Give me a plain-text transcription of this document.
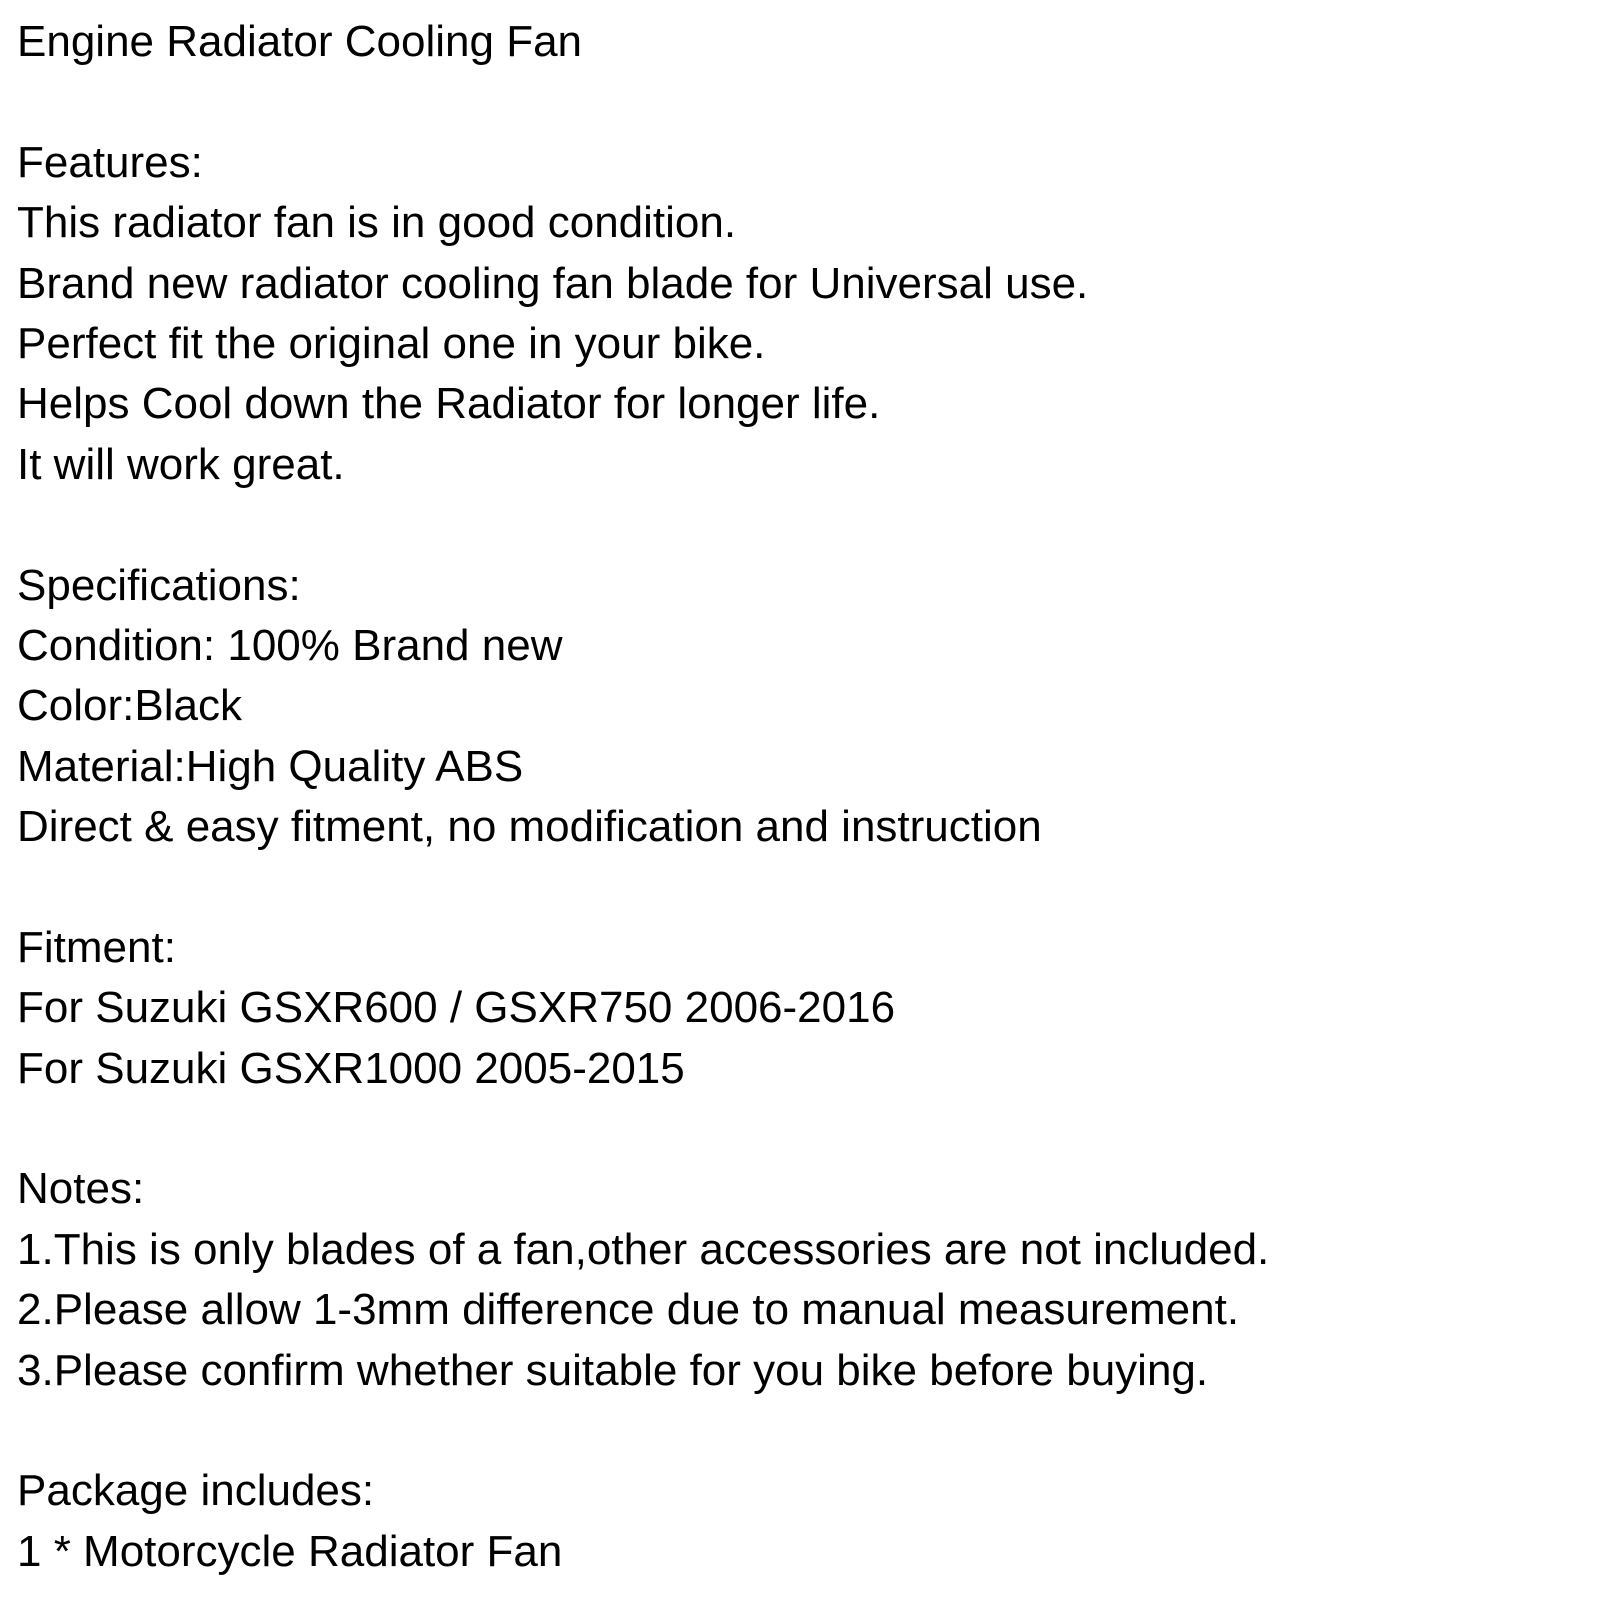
Engine Radiator Cooling Fan
Features:
This radiator fan is in good condition.
Brand new radiator cooling fan blade for Universal use.
Perfect fit the original one in your bike.
Helps Cool down the Radiator for longer life.
It will work great.
Specifications:
Condition: 100% Brand new
Color:Black
Material:High Quality ABS
Direct & easy fitment, no modification and instruction
Fitment:
For Suzuki GSXR600 / GSXR750 2006-2016
For Suzuki GSXR1000 2005-2015
Notes:
1.This is only blades of a fan,other accessories are not included.
2.Please allow 1-3mm difference due to manual measurement.
3.Please confirm whether suitable for you bike before buying.
Package includes:
1 * Motorcycle Radiator Fan
